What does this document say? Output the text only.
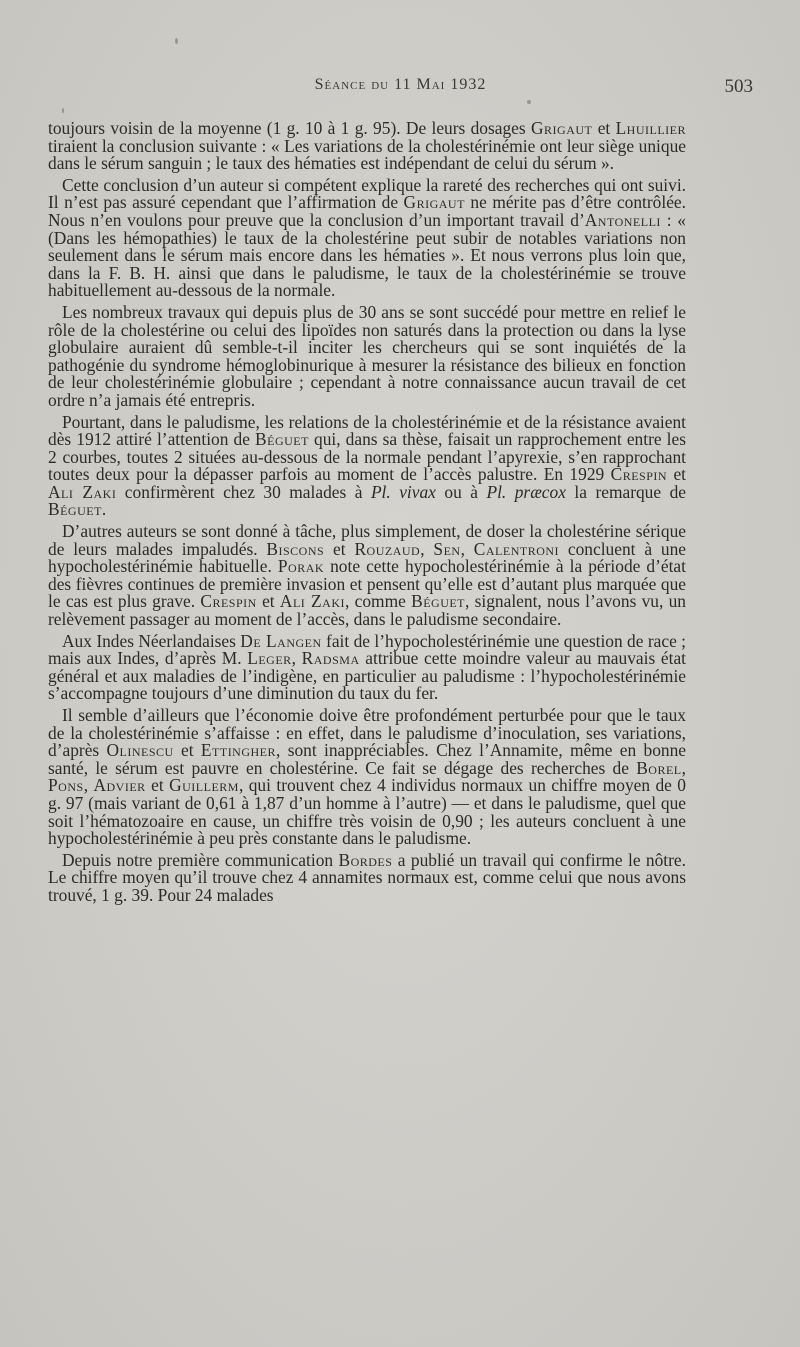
Séance du 11 Mai 1932	503

toujours voisin de la moyenne (1 g. 10 à 1 g. 95). De leurs dosages Grigaut et Lhuillier tiraient la conclusion suivante : « Les variations de la cholestérinémie ont leur siège unique dans le sérum sanguin ; le taux des hématies est indépendant de celui du sérum ».

Cette conclusion d’un auteur si compétent explique la rareté des recherches qui ont suivi. Il n’est pas assuré cependant que l’affirmation de Grigaut ne mérite pas d’être contrôlée. Nous n’en voulons pour preuve que la conclusion d’un important travail d’Antonelli : « (Dans les hémopathies) le taux de la cholestérine peut subir de notables variations non seulement dans le sérum mais encore dans les hématies ». Et nous verrons plus loin que, dans la F. B. H. ainsi que dans le paludisme, le taux de la cholestérinémie se trouve habituellement au-dessous de la normale.

Les nombreux travaux qui depuis plus de 30 ans se sont succédé pour mettre en relief le rôle de la cholestérine ou celui des lipoïdes non saturés dans la protection ou dans la lyse globulaire auraient dû semble-t-il inciter les chercheurs qui se sont inquiétés de la pathogénie du syndrome hémoglobinurique à mesurer la résistance des bilieux en fonction de leur cholestérinémie globulaire ; cependant à notre connaissance aucun travail de cet ordre n’a jamais été entrepris.

Pourtant, dans le paludisme, les relations de la cholestérinémie et de la résistance avaient dès 1912 attiré l’attention de Béguet qui, dans sa thèse, faisait un rapprochement entre les 2 courbes, toutes 2 situées au-dessous de la normale pendant l’apyrexie, s’en rapprochant toutes deux pour la dépasser parfois au moment de l’accès palustre. En 1929 Crespin et Ali Zaki confirmèrent chez 30 malades à Pl. vivax ou à Pl. præcox la remarque de Béguet.

D’autres auteurs se sont donné à tâche, plus simplement, de doser la cholestérine sérique de leurs malades impaludés. Biscons et Rouzaud, Sen, Calentroni concluent à une hypocholestérinémie habituelle. Porak note cette hypocholestérinémie à la période d’état des fièvres continues de première invasion et pensent qu’elle est d’autant plus marquée que le cas est plus grave. Crespin et Ali Zaki, comme Béguet, signalent, nous l’avons vu, un relèvement passager au moment de l’accès, dans le paludisme secondaire.

Aux Indes Néerlandaises De Langen fait de l’hypocholestérinémie une question de race ; mais aux Indes, d’après M. Leger, Radsma attribue cette moindre valeur au mauvais état général et aux maladies de l’indigène, en particulier au paludisme : l’hypocholestérinémie s’accompagne toujours d’une diminution du taux du fer.

Il semble d’ailleurs que l’économie doive être profondément perturbée pour que le taux de la cholestérinémie s’affaisse : en effet, dans le paludisme d’inoculation, ses variations, d’après Olinescu et Ettingher, sont inappréciables. Chez l’Annamite, même en bonne santé, le sérum est pauvre en cholestérine. Ce fait se dégage des recherches de Borel, Pons, Advier et Guillerm, qui trouvent chez 4 individus normaux un chiffre moyen de 0 g. 97 (mais variant de 0,61 à 1,87 d’un homme à l’autre) — et dans le paludisme, quel que soit l’hématozoaire en cause, un chiffre très voisin de 0,90 ; les auteurs concluent à une hypocholestérinémie à peu près constante dans le paludisme.

Depuis notre première communication Bordes a publié un travail qui confirme le nôtre. Le chiffre moyen qu’il trouve chez 4 annamites normaux est, comme celui que nous avons trouvé, 1 g. 39. Pour 24 malades
